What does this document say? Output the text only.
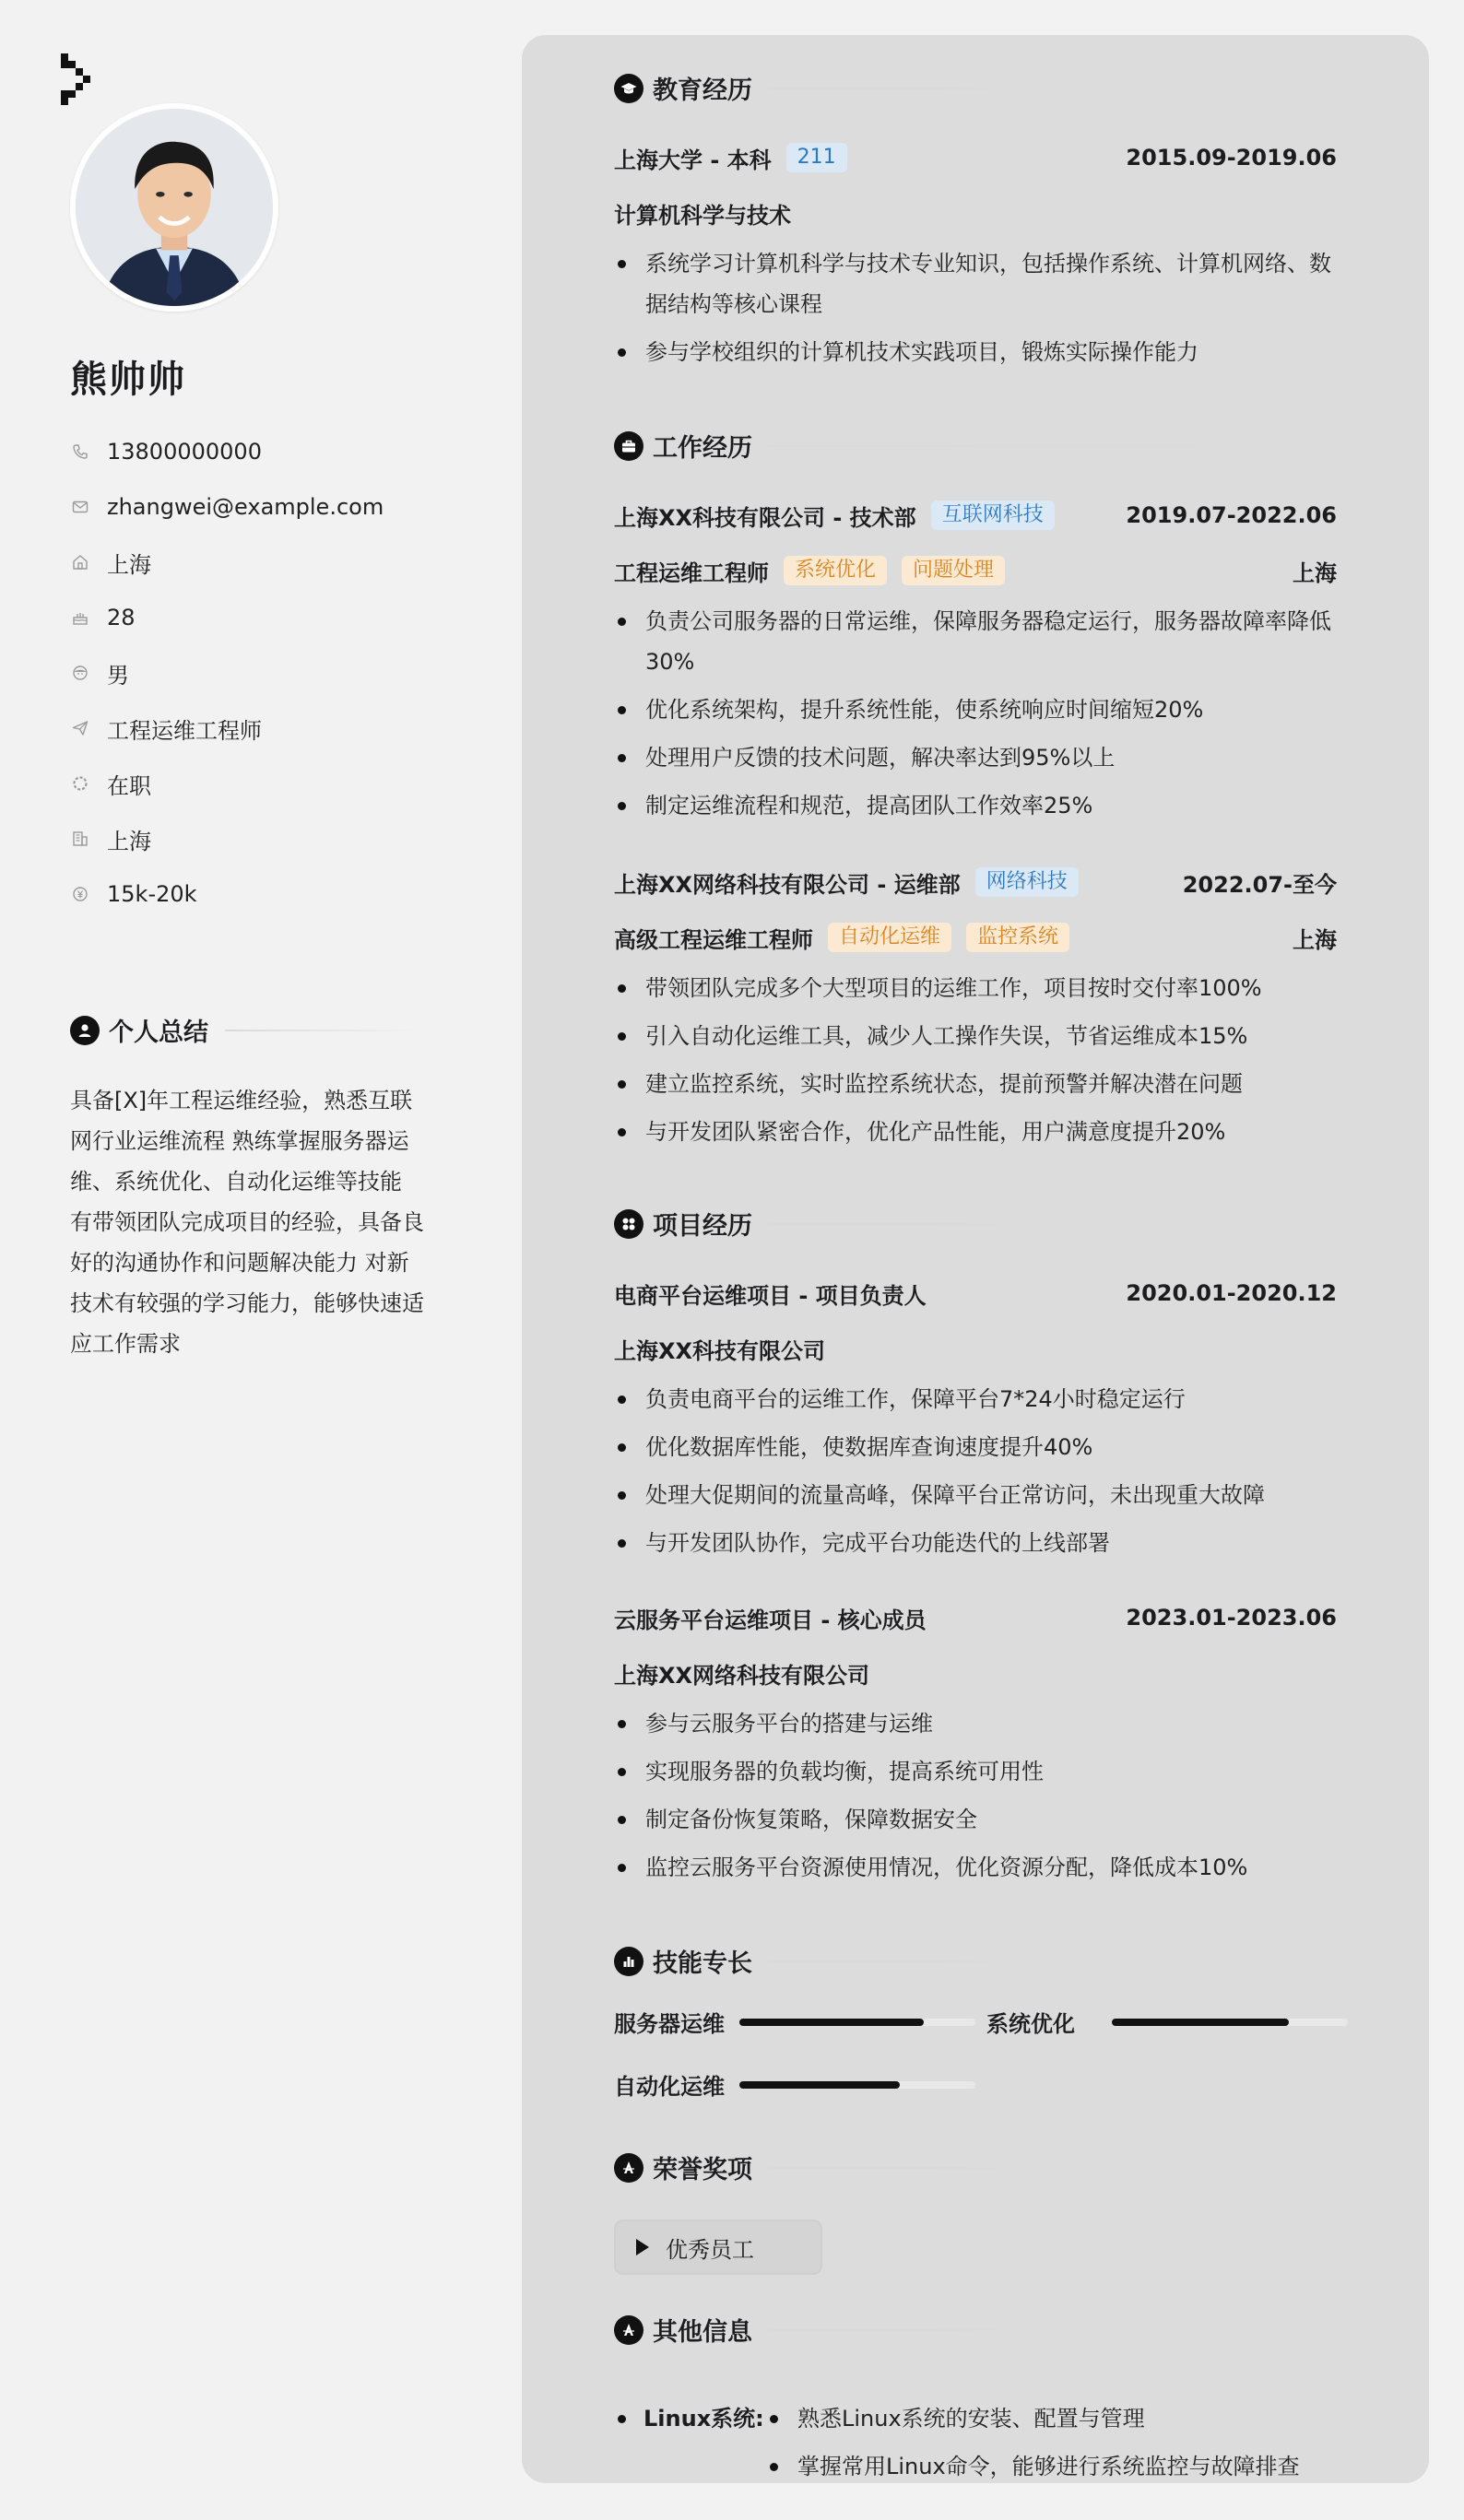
熊帅帅
13800000000
zhangwei@example.com
上海
28
男
工程运维工程师
在职
上海
15k-20k
个人总结
具备[X]年工程运维经验，熟悉互联网行业运维流程 熟练掌握服务器运维、系统优化、自动化运维等技能 有带领团队完成项目的经验，具备良好的沟通协作和问题解决能力 对新技术有较强的学习能力，能够快速适应工作需求
教育经历
上海大学 - 本科	211	2015.09-2019.06
计算机科学与技术
系统学习计算机科学与技术专业知识，包括操作系统、计算机网络、数据结构等核心课程
参与学校组织的计算机技术实践项目，锻炼实际操作能力
工作经历
上海XX科技有限公司 - 技术部	互联网科技	2019.07-2022.06
工程运维工程师	系统优化	问题处理	上海
负责公司服务器的日常运维，保障服务器稳定运行，服务器故障率降低30%
优化系统架构，提升系统性能，使系统响应时间缩短20%
处理用户反馈的技术问题，解决率达到95%以上
制定运维流程和规范，提高团队工作效率25%
上海XX网络科技有限公司 - 运维部	网络科技	2022.07-至今
高级工程运维工程师	自动化运维	监控系统	上海
带领团队完成多个大型项目的运维工作，项目按时交付率100%
引入自动化运维工具，减少人工操作失误，节省运维成本15%
建立监控系统，实时监控系统状态，提前预警并解决潜在问题
与开发团队紧密合作，优化产品性能，用户满意度提升20%
项目经历
电商平台运维项目 - 项目负责人	2020.01-2020.12
上海XX科技有限公司
负责电商平台的运维工作，保障平台7*24小时稳定运行
优化数据库性能，使数据库查询速度提升40%
处理大促期间的流量高峰，保障平台正常访问，未出现重大故障
与开发团队协作，完成平台功能迭代的上线部署
云服务平台运维项目 - 核心成员	2023.01-2023.06
上海XX网络科技有限公司
参与云服务平台的搭建与运维
实现服务器的负载均衡，提高系统可用性
制定备份恢复策略，保障数据安全
监控云服务平台资源使用情况，优化资源分配，降低成本10%
技能专长
服务器运维	系统优化
自动化运维
荣誉奖项
优秀员工
其他信息
Linux系统:	熟悉Linux系统的安装、配置与管理
掌握常用Linux命令，能够进行系统监控与故障排查
